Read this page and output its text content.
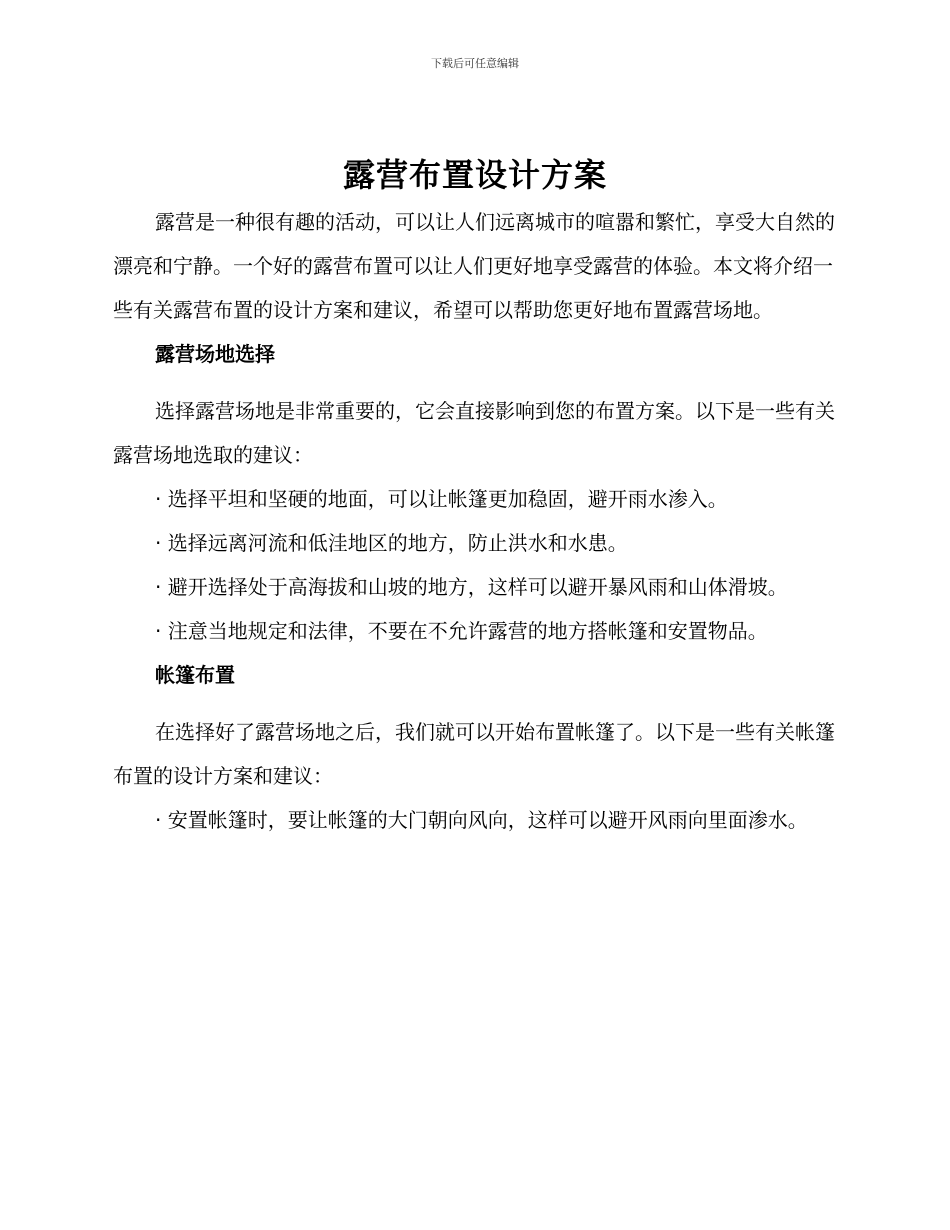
下载后可任意编辑
露营布置设计方案

露营是一种很有趣的活动，可以让人们远离城市的喧嚣和繁忙，享受大自然的漂亮和宁静。一个好的露营布置可以让人们更好地享受露营的体验。本文将介绍一些有关露营布置的设计方案和建议，希望可以帮助您更好地布置露营场地。

露营场地选择

选择露营场地是非常重要的，它会直接影响到您的布置方案。以下是一些有关露营场地选取的建议：

· 选择平坦和坚硬的地面，可以让帐篷更加稳固，避开雨水渗入。

· 选择远离河流和低洼地区的地方，防止洪水和水患。

· 避开选择处于高海拔和山坡的地方，这样可以避开暴风雨和山体滑坡。

· 注意当地规定和法律，不要在不允许露营的地方搭帐篷和安置物品。

帐篷布置

在选择好了露营场地之后，我们就可以开始布置帐篷了。以下是一些有关帐篷布置的设计方案和建议：

· 安置帐篷时，要让帐篷的大门朝向风向，这样可以避开风雨向里面渗水。
